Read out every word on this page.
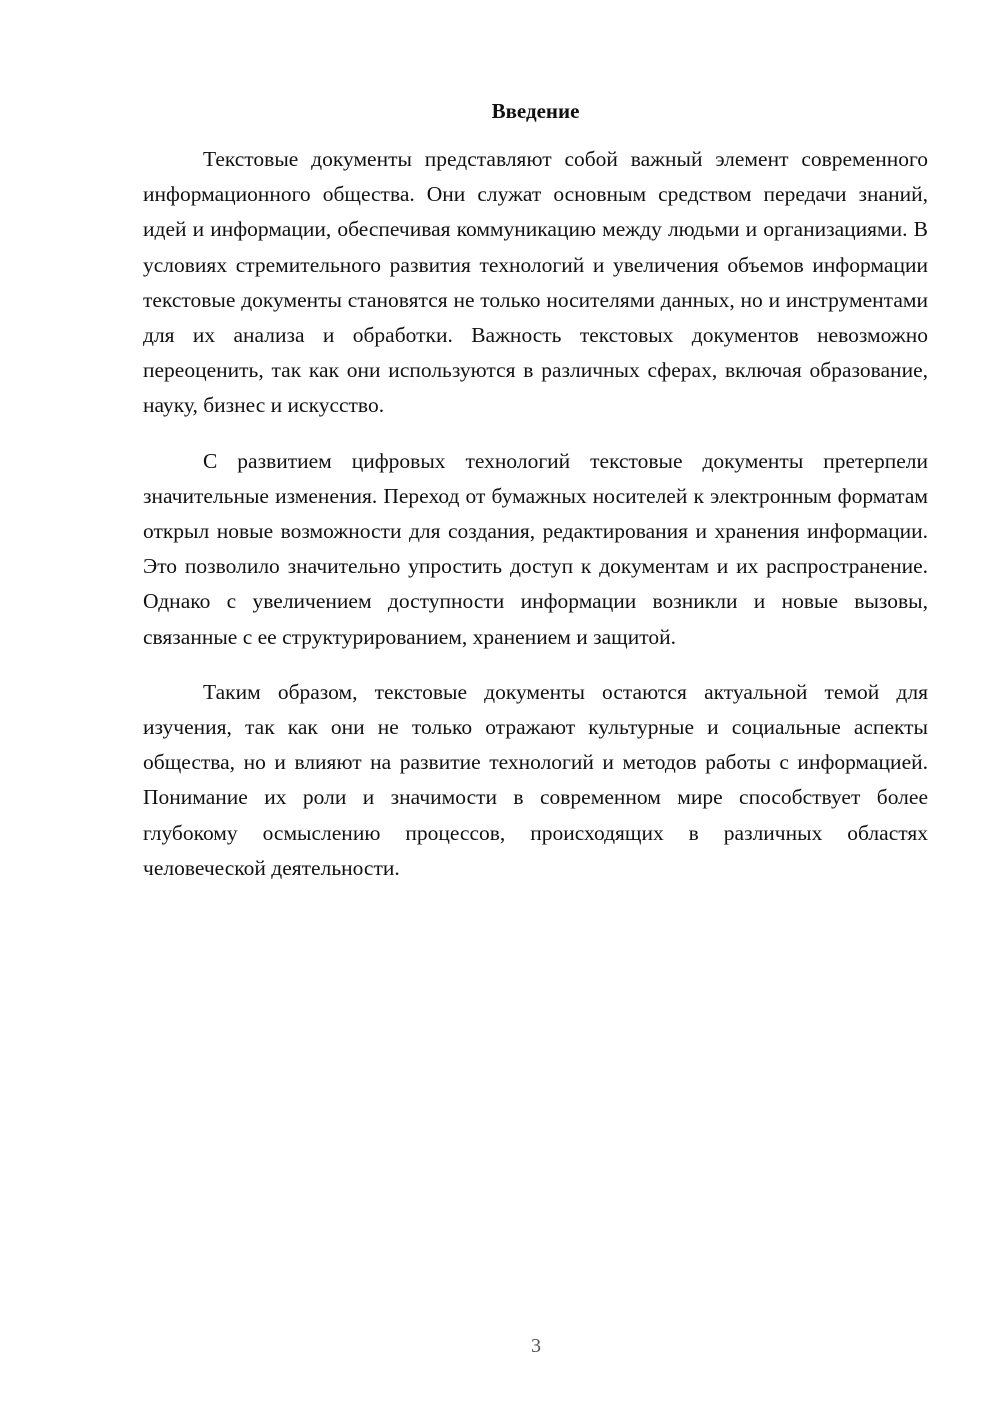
Введение

Текстовые документы представляют собой важный элемент современного информационного общества. Они служат основным средством передачи знаний, идей и информации, обеспечивая коммуникацию между людьми и организациями. В условиях стремительного развития технологий и увеличения объемов информации текстовые документы становятся не только носителями данных, но и инструментами для их анализа и обработки. Важность текстовых документов невозможно переоценить, так как они используются в различных сферах, включая образование, науку, бизнес и искусство.

С развитием цифровых технологий текстовые документы претерпели значительные изменения. Переход от бумажных носителей к электронным форматам открыл новые возможности для создания, редактирования и хранения информации. Это позволило значительно упростить доступ к документам и их распространение. Однако с увеличением доступности информации возникли и новые вызовы, связанные с ее структурированием, хранением и защитой.

Таким образом, текстовые документы остаются актуальной темой для изучения, так как они не только отражают культурные и социальные аспекты общества, но и влияют на развитие технологий и методов работы с информацией. Понимание их роли и значимости в современном мире способствует более глубокому осмыслению процессов, происходящих в различных областях человеческой деятельности.

3
